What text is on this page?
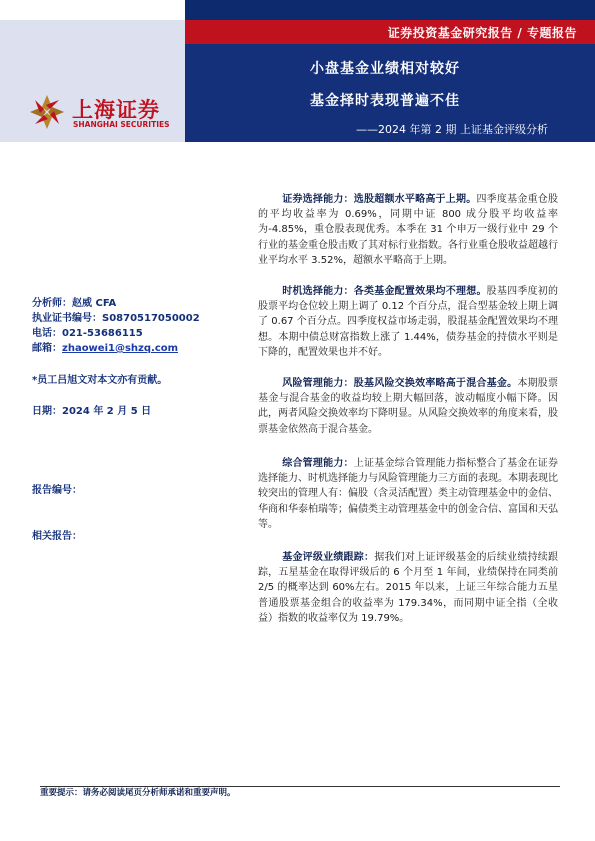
证券投资基金研究报告 / 专题报告
上海证券
SHANGHAI SECURITIES
小盘基金业绩相对较好
基金择时表现普遍不佳
——2024 年第 2 期 上证基金评级分析
分析师：赵威 CFA
执业证书编号：S0870517050002
电话：021-53686115
邮箱：zhaowei1@shzq.com
*员工吕旭文对本文亦有贡献。
日期：2024 年 2 月 5 日
报告编号：
相关报告：
证券选择能力：选股超额水平略高于上期。四季度基金重仓股的平均收益率为 0.69%，同期中证 800 成分股平均收益率为-4.85%，重仓股表现优秀。本季在 31 个申万一级行业中 29 个行业的基金重仓股击败了其对标行业指数。各行业重仓股收益超越行业平均水平 3.52%，超额水平略高于上期。
时机选择能力：各类基金配置效果均不理想。股基四季度初的股票平均仓位较上期上调了 0.12 个百分点，混合型基金较上期上调了 0.67 个百分点。四季度权益市场走弱，股混基金配置效果均不理想。本期中债总财富指数上涨了 1.44%，债券基金的持债水平则是下降的，配置效果也并不好。
风险管理能力：股基风险交换效率略高于混合基金。本期股票基金与混合基金的收益均较上期大幅回落，波动幅度小幅下降。因此，两者风险交换效率均下降明显。从风险交换效率的角度来看，股票基金依然高于混合基金。
综合管理能力：上证基金综合管理能力指标整合了基金在证券选择能力、时机选择能力与风险管理能力三方面的表现。本期表现比较突出的管理人有：偏股（含灵活配置）类主动管理基金中的金信、华商和华泰柏瑞等；偏债类主动管理基金中的创金合信、富国和天弘等。
基金评级业绩跟踪：据我们对上证评级基金的后续业绩持续跟踪，五星基金在取得评级后的 6 个月至 1 年间，业绩保持在同类前 2/5 的概率达到 60%左右。2015 年以来，上证三年综合能力五星普通股票基金组合的收益率为 179.34%，而同期中证全指（全收益）指数的收益率仅为 19.79%。
重要提示：请务必阅读尾页分析师承诺和重要声明。
